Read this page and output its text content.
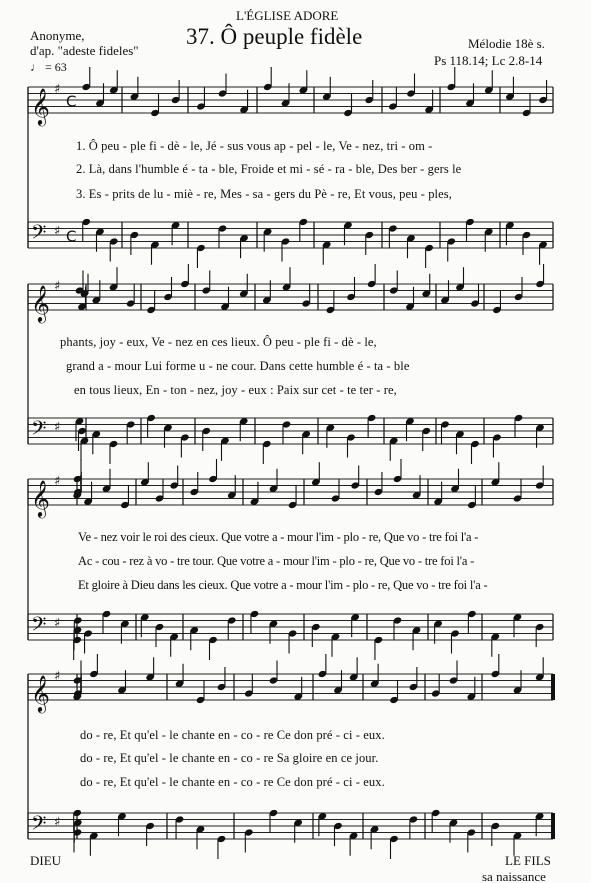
𝄞 ♯
C
𝄢 ♯ C
𝄞 ♯
𝄢 ♯
𝄞 ♯
𝄢 ♯
𝄞 ♯
𝄢 ♯
L'ÉGLISE ADORE
37. Ô peuple fidèle
Anonyme,
d'ap. "adeste fideles"
♩ = 63
Mélodie 18è s.
Ps 118.14; Lc 2.8-14
1. Ô peu - ple fi - dè - le, Jé - sus vous ap - pel - le, Ve - nez, tri - om -
2. Là, dans l'humble é - ta - ble, Froide et mi - sé - ra - ble, Des ber - gers le
3. Es - prits de lu - miè - re, Mes - sa - gers du Pè - re, Et vous, peu - ples,
phants, joy - eux, Ve - nez en ces lieux. Ô peu - ple fi - dè - le,
grand a - mour Lui forme u - ne cour. Dans cette humble é - ta - ble
en tous lieux, En - ton - nez, joy - eux : Paix sur cet - te ter - re,
Ve - nez voir le roi des cieux. Que votre a - mour l'im - plo - re, Que vo - tre foi l'a -
Ac - cou - rez à vo - tre tour. Que votre a - mour l'im - plo - re, Que vo - tre foi l'a -
Et gloire à Dieu dans les cieux. Que votre a - mour l'im - plo - re, Que vo - tre foi l'a -
do - re, Et qu'el - le chante en - co - re Ce don pré - ci - eux.
do - re, Et qu'el - le chante en - co - re Sa gloire en ce jour.
do - re, Et qu'el - le chante en - co - re Ce don pré - ci - eux.
DIEU	LE FILS
sa naissance
